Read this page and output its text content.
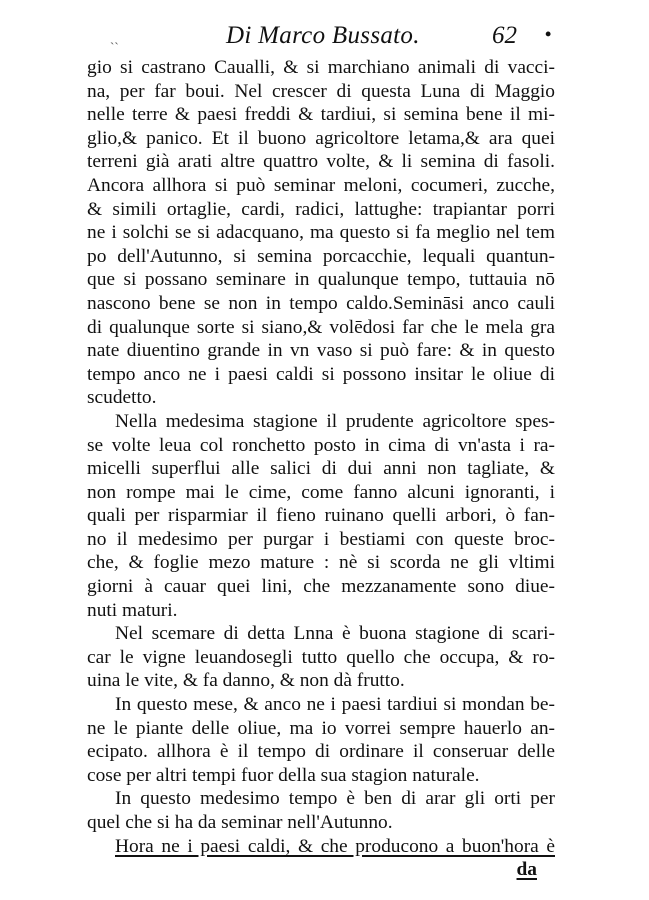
ˎˎ	Di Marco Bussato.	62 •
gio si castrano Caualli, & si marchiano animali di vacci-
na, per far boui. Nel crescer di questa Luna di Maggio
nelle terre & paesi freddi & tardiui, si semina bene il mi-
glio,& panico. Et il buono agricoltore letama,& ara quei
terreni già arati altre quattro volte, & li semina di fasoli.
Ancora allhora si può seminar meloni, cocumeri, zucche,
& simili ortaglie, cardi, radici, lattughe: trapiantar porri
ne i solchi se si adacquano, ma questo si fa meglio nel tem
po dell'Autunno, si semina porcacchie, lequali quantun-
que si possano seminare in qualunque tempo, tuttauia nō
nascono bene se non in tempo caldo.Semināsi anco cauli
di qualunque sorte si siano,& volēdosi far che le mela gra
nate diuentino grande in vn vaso si può fare: & in questo
tempo anco ne i paesi caldi si possono insitar le oliue di
scudetto.
Nella medesima stagione il prudente agricoltore spes-
se volte leua col ronchetto posto in cima di vn'asta i ra-
micelli superflui alle salici di dui anni non tagliate, &
non rompe mai le cime, come fanno alcuni ignoranti, i
quali per risparmiar il fieno ruinano quelli arbori, ò fan-
no il medesimo per purgar i bestiami con queste broc-
che, & foglie mezo mature : nè si scorda ne gli vltimi
giorni à cauar quei lini, che mezzanamente sono diue-
nuti maturi.
Nel scemare di detta Lnna è buona stagione di scari-
car le vigne leuandosegli tutto quello che occupa, & ro-
uina le vite, & fa danno, & non dà frutto.
In questo mese, & anco ne i paesi tardiui si mondan be-
ne le piante delle oliue, ma io vorrei sempre hauerlo an-
ecipato. allhora è il tempo di ordinare il conseruar delle
cose per altri tempi fuor della sua stagion naturale.
In questo medesimo tempo è ben di arar gli orti per
quel che si ha da seminar nell'Autunno.
Hora ne i paesi caldi, & che producono a buon'hora è
da
